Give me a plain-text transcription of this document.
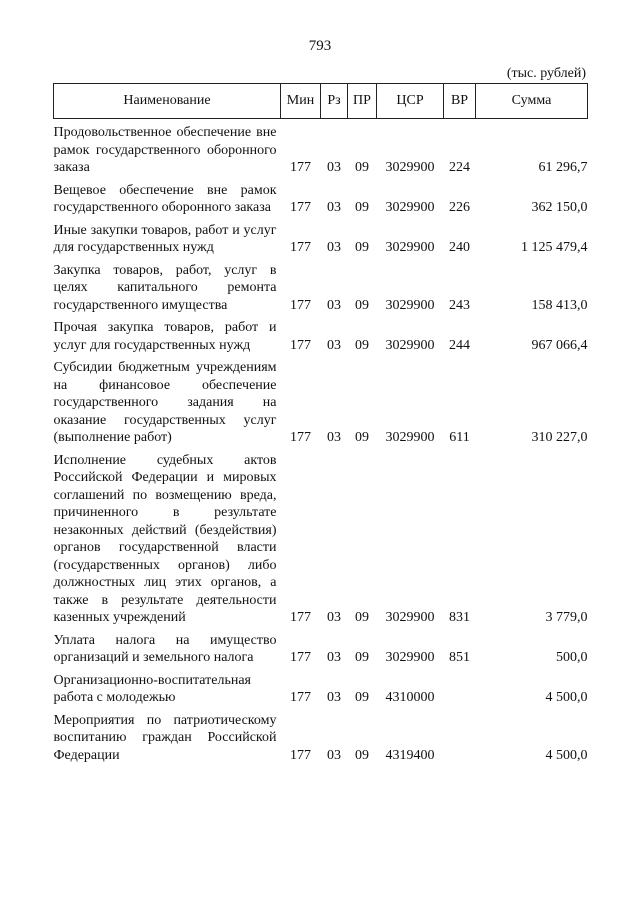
793
(тыс. рублей)
Наименование	Мин	Рз	ПР	ЦСР	ВР	Сумма
Продовольственное обеспечение вне рамок государственного оборонного заказа	177	03	09	3029900	224	61 296,7
Вещевое обеспечение вне рамок государственного оборонного заказа	177	03	09	3029900	226	362 150,0
Иные закупки товаров, работ и услуг для государственных нужд	177	03	09	3029900	240	1 125 479,4
Закупка товаров, работ, услуг в целях капитального ремонта государственного имущества	177	03	09	3029900	243	158 413,0
Прочая закупка товаров, работ и услуг для государственных нужд	177	03	09	3029900	244	967 066,4
Субсидии бюджетным учреждениям на финансовое обеспечение государственного задания на оказание государственных услуг (выполнение работ)	177	03	09	3029900	611	310 227,0
Исполнение судебных актов Российской Федерации и мировых соглашений по возмещению вреда, причиненного в результате незаконных действий (бездействия) органов государственной власти (государственных органов) либо должностных лиц этих органов, а также в результате деятельности казенных учреждений	177	03	09	3029900	831	3 779,0
Уплата налога на имущество организаций и земельного налога	177	03	09	3029900	851	500,0
Организационно-воспитательная работа с молодежью	177	03	09	4310000		4 500,0
Мероприятия по патриотическому воспитанию граждан Российской Федерации	177	03	09	4319400		4 500,0
